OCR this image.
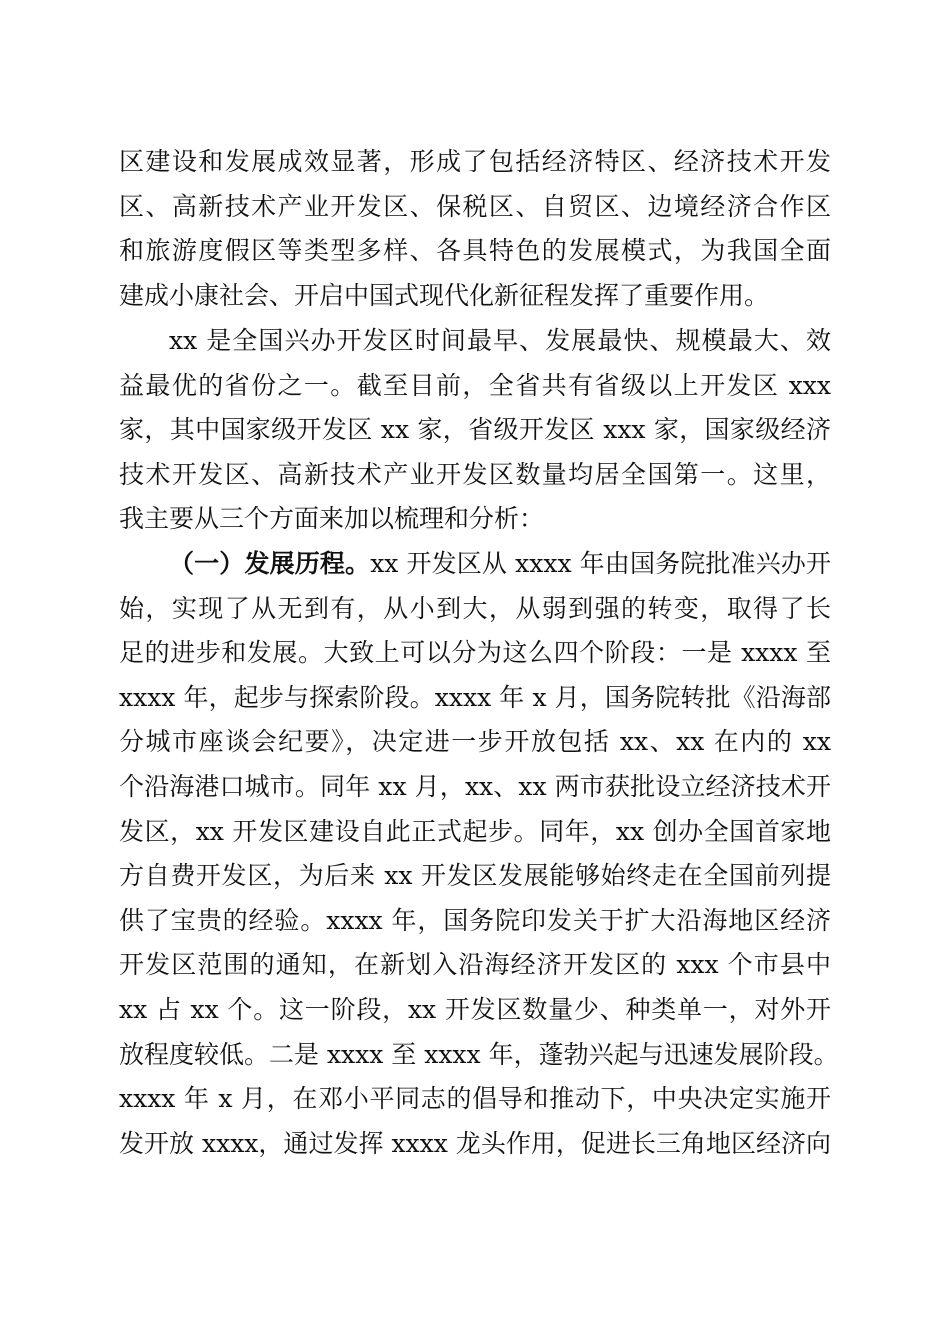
区建设和发展成效显著，形成了包括经济特区、经济技术开发
区、高新技术产业开发区、保税区、自贸区、边境经济合作区
和旅游度假区等类型多样、各具特色的发展模式，为我国全面
建成小康社会、开启中国式现代化新征程发挥了重要作用。
xx 是全国兴办开发区时间最早、发展最快、规模最大、效
益最优的省份之一。截至目前，全省共有省级以上开发区 xxx
家，其中国家级开发区 xx 家，省级开发区 xxx 家，国家级经济
技术开发区、高新技术产业开发区数量均居全国第一。这里，
我主要从三个方面来加以梳理和分析：
（一）发展历程。xx 开发区从 xxxx 年由国务院批准兴办开
始，实现了从无到有，从小到大，从弱到强的转变，取得了长
足的进步和发展。大致上可以分为这么四个阶段：一是 xxxx 至
xxxx 年，起步与探索阶段。xxxx 年 x 月，国务院转批《沿海部
分城市座谈会纪要》，决定进一步开放包括 xx、xx 在内的 xx
个沿海港口城市。同年 xx 月，xx、xx 两市获批设立经济技术开
发区，xx 开发区建设自此正式起步。同年，xx 创办全国首家地
方自费开发区，为后来 xx 开发区发展能够始终走在全国前列提
供了宝贵的经验。xxxx 年，国务院印发关于扩大沿海地区经济
开发区范围的通知，在新划入沿海经济开发区的 xxx 个市县中
xx 占 xx 个。这一阶段，xx 开发区数量少、种类单一，对外开
放程度较低。二是 xxxx 至 xxxx 年，蓬勃兴起与迅速发展阶段。
xxxx 年 x 月，在邓小平同志的倡导和推动下，中央决定实施开
发开放 xxxx，通过发挥 xxxx 龙头作用，促进长三角地区经济向
